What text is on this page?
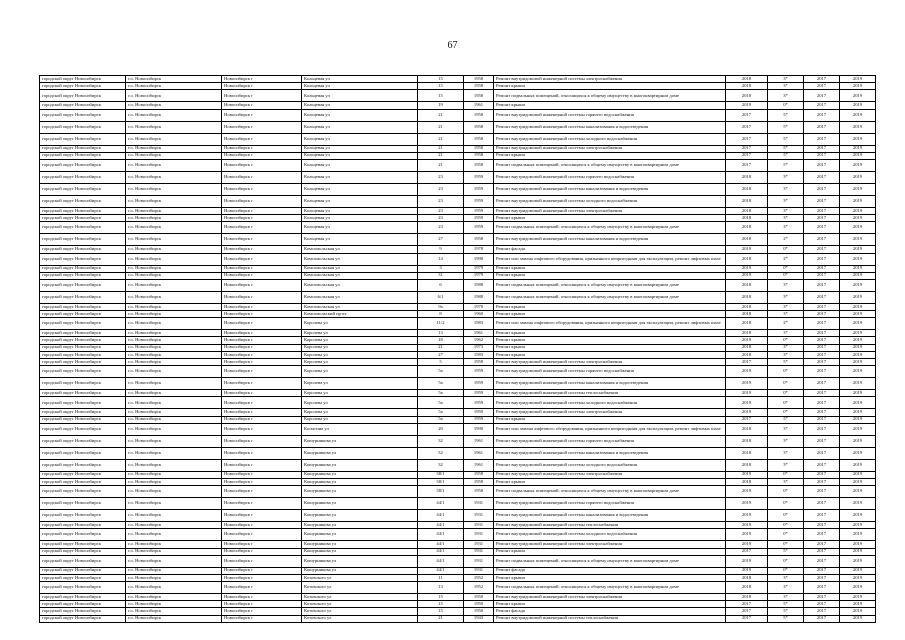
67
городской округ Новосибирск	г.о. Новосибирск	Новосибирск г	Кольцевая ул	15	1958	Ремонт внутридомовой инженерной системы электроснабжения	2018	3*	2017	2019
городской округ Новосибирск	г.о. Новосибирск	Новосибирск г	Кольцевая ул	15	1958	Ремонт крыши	2018	3*	2017	2019
городской округ Новосибирск	г.о. Новосибирск	Новосибирск г	Кольцевая ул	15	1958	Ремонт подвальных помещений, относящихся к общему имуществу в многоквартирном доме	2018	3*	2017	2019
городской округ Новосибирск	г.о. Новосибирск	Новосибирск г	Кольцевая ул	19	1961	Ремонт крыши	2019	0*	2017	2019
городской округ Новосибирск	г.о. Новосибирск	Новосибирск г	Кольцевая ул	21	1958	Ремонт внутридомовой инженерной системы горячего водоснабжения	2017	5*	2017	2019
городской округ Новосибирск	г.о. Новосибирск	Новосибирск г	Кольцевая ул	21	1958	Ремонт внутридомовой инженерной системы канализования и водоотведения	2017	5*	2017	2019
городской округ Новосибирск	г.о. Новосибирск	Новосибирск г	Кольцевая ул	21	1958	Ремонт внутридомовой инженерной системы холодного водоснабжения	2017	5*	2017	2019
городской округ Новосибирск	г.о. Новосибирск	Новосибирск г	Кольцевая ул	21	1958	Ремонт внутридомовой инженерной системы электроснабжения	2017	5*	2017	2019
городской округ Новосибирск	г.о. Новосибирск	Новосибирск г	Кольцевая ул	21	1958	Ремонт крыши	2017	5*	2017	2019
городской округ Новосибирск	г.о. Новосибирск	Новосибирск г	Кольцевая ул	21	1958	Ремонт подвальных помещений, относящихся к общему имуществу в многоквартирном доме	2017	5*	2017	2019
городской округ Новосибирск	г.о. Новосибирск	Новосибирск г	Кольцевая ул	23	1959	Ремонт внутридомовой инженерной системы горячего водоснабжения	2018	3*	2017	2019
городской округ Новосибирск	г.о. Новосибирск	Новосибирск г	Кольцевая ул	23	1959	Ремонт внутридомовой инженерной системы канализования и водоотведения	2018	3*	2017	2019
городской округ Новосибирск	г.о. Новосибирск	Новосибирск г	Кольцевая ул	23	1959	Ремонт внутридомовой инженерной системы холодного водоснабжения	2018	3*	2017	2019
городской округ Новосибирск	г.о. Новосибирск	Новосибирск г	Кольцевая ул	23	1959	Ремонт внутридомовой инженерной системы электроснабжения	2018	3*	2017	2019
городской округ Новосибирск	г.о. Новосибирск	Новосибирск г	Кольцевая ул	23	1959	Ремонт крыши	2018	3*	2017	2019
городской округ Новосибирск	г.о. Новосибирск	Новосибирск г	Кольцевая ул	23	1959	Ремонт подвальных помещений, относящихся к общему имуществу в многоквартирном доме	2018	3*	2017	2019
городской округ Новосибирск	г.о. Новосибирск	Новосибирск г	Кольцевая ул	27	1958	Ремонт внутридомовой инженерной системы канализования и водоотведения	2018	2*	2017	2019
городской округ Новосибирск	г.о. Новосибирск	Новосибирск г	Комсомольская ул	9	1978	Ремонт фасада	2019	0*	2017	2019
городской округ Новосибирск	г.о. Новосибирск	Новосибирск г	Комсомольская ул	14	1990	Ремонт или замена лифтового оборудования, признанного непригодным для эксплуатации, ремонт лифтовых шахт	2018	2*	2017	2019
городской округ Новосибирск	г.о. Новосибирск	Новосибирск г	Комсомольская ул	3	1979	Ремонт крыши	2019	0*	2017	2019
городской округ Новосибирск	г.о. Новосибирск	Новосибирск г	Комсомольская ул	31	1979	Ремонт крыши	2019	0*	2017	2019
городской округ Новосибирск	г.о. Новосибирск	Новосибирск г	Комсомольская ул	6	1988	Ремонт подвальных помещений, относящихся к общему имуществу в многоквартирном доме	2018	3*	2017	2019
городской округ Новосибирск	г.о. Новосибирск	Новосибирск г	Комсомольская ул	6/1	1988	Ремонт подвальных помещений, относящихся к общему имуществу в многоквартирном доме	2018	3*	2017	2019
городской округ Новосибирск	г.о. Новосибирск	Новосибирск г	Комсомольская ул	9а	1970	Ремонт крыши	2018	3*	2017	2019
городской округ Новосибирск	г.о. Новосибирск	Новосибирск г	Комсомольский пр-кт	8	1960	Ремонт крыши	2018	3*	2017	2019
городской округ Новосибирск	г.о. Новосибирск	Новосибирск г	Королева ул	11/2	1983	Ремонт или замена лифтового оборудования, признанного непригодным для эксплуатации, ремонт лифтовых шахт	2018	2*	2017	2019
городской округ Новосибирск	г.о. Новосибирск	Новосибирск г	Королева ул	13	1961	Ремонт крыши	2018	3*	2017	2019
городской округ Новосибирск	г.о. Новосибирск	Новосибирск г	Королева ул	18	1962	Ремонт крыши	2019	0*	2017	2019
городской округ Новосибирск	г.о. Новосибирск	Новосибирск г	Королева ул	21	1973	Ремонт крыши	2018	3*	2017	2019
городской округ Новосибирск	г.о. Новосибирск	Новосибирск г	Королева ул	27	1983	Ремонт крыши	2018	3*	2017	2019
городской округ Новосибирск	г.о. Новосибирск	Новосибирск г	Королева ул	5	1958	Ремонт внутридомовой инженерной системы электроснабжения	2017	5*	2017	2019
городской округ Новосибирск	г.о. Новосибирск	Новосибирск г	Королева ул	5а	1959	Ремонт внутридомовой инженерной системы горячего водоснабжения	2019	0*	2017	2019
городской округ Новосибирск	г.о. Новосибирск	Новосибирск г	Королева ул	5а	1959	Ремонт внутридомовой инженерной системы канализования и водоотведения	2019	0*	2017	2019
городской округ Новосибирск	г.о. Новосибирск	Новосибирск г	Королева ул	5а	1959	Ремонт внутридомовой инженерной системы теплоснабжения	2019	0*	2017	2019
городской округ Новосибирск	г.о. Новосибирск	Новосибирск г	Королева ул	5а	1959	Ремонт внутридомовой инженерной системы холодного водоснабжения	2019	0*	2017	2019
городской округ Новосибирск	г.о. Новосибирск	Новосибирск г	Королева ул	5а	1959	Ремонт внутридомовой инженерной системы электроснабжения	2019	0*	2017	2019
городской округ Новосибирск	г.о. Новосибирск	Новосибирск г	Королева ул	5а	1959	Ремонт крыши	2017	5*	2017	2019
городской округ Новосибирск	г.о. Новосибирск	Новосибирск г	Косыгина ул	20	1990	Ремонт или замена лифтового оборудования, признанного непригодным для эксплуатации, ремонт лифтовых шахт	2018	3*	2017	2019
городской округ Новосибирск	г.о. Новосибирск	Новосибирск г	Кошурникова ул	32	1961	Ремонт внутридомовой инженерной системы горячего водоснабжения	2018	3*	2017	2019
городской округ Новосибирск	г.о. Новосибирск	Новосибирск г	Кошурникова ул	32	1961	Ремонт внутридомовой инженерной системы канализования и водоотведения	2018	3*	2017	2019
городской округ Новосибирск	г.о. Новосибирск	Новосибирск г	Кошурникова ул	32	1961	Ремонт внутридомовой инженерной системы холодного водоснабжения	2018	3*	2017	2019
городской округ Новосибирск	г.о. Новосибирск	Новосибирск г	Кошурникова ул	38/1	1958	Ремонт внутридомовой инженерной системы электроснабжения	2019	0*	2017	2019
городской округ Новосибирск	г.о. Новосибирск	Новосибирск г	Кошурникова ул	38/1	1958	Ремонт крыши	2018	3*	2017	2019
городской округ Новосибирск	г.о. Новосибирск	Новосибирск г	Кошурникова ул	38/1	1958	Ремонт подвальных помещений, относящихся к общему имуществу в многоквартирном доме	2019	0*	2017	2019
городской округ Новосибирск	г.о. Новосибирск	Новосибирск г	Кошурникова ул	44/1	1931	Ремонт внутридомовой инженерной системы горячего водоснабжения	2019	0*	2017	2019
городской округ Новосибирск	г.о. Новосибирск	Новосибирск г	Кошурникова ул	44/1	1931	Ремонт внутридомовой инженерной системы канализования и водоотведения	2019	0*	2017	2019
городской округ Новосибирск	г.о. Новосибирск	Новосибирск г	Кошурникова ул	44/1	1931	Ремонт внутридомовой инженерной системы теплоснабжения	2019	0*	2017	2019
городской округ Новосибирск	г.о. Новосибирск	Новосибирск г	Кошурникова ул	44/1	1931	Ремонт внутридомовой инженерной системы холодного водоснабжения	2019	0*	2017	2019
городской округ Новосибирск	г.о. Новосибирск	Новосибирск г	Кошурникова ул	44/1	1931	Ремонт внутридомовой инженерной системы электроснабжения	2019	0*	2017	2019
городской округ Новосибирск	г.о. Новосибирск	Новосибирск г	Кошурникова ул	44/1	1931	Ремонт крыши	2017	5*	2017	2019
городской округ Новосибирск	г.о. Новосибирск	Новосибирск г	Кошурникова ул	44/1	1931	Ремонт подвальных помещений, относящихся к общему имуществу в многоквартирном доме	2019	0*	2017	2019
городской округ Новосибирск	г.о. Новосибирск	Новосибирск г	Кошурникова ул	44/1	1931	Ремонт фасада	2019	0*	2017	2019
городской округ Новосибирск	г.о. Новосибирск	Новосибирск г	Котовского ул	11	1952	Ремонт крыши	2018	3*	2017	2019
городской округ Новосибирск	г.о. Новосибирск	Новосибирск г	Котовского ул	13	1952	Ремонт подвальных помещений, относящихся к общему имуществу в многоквартирном доме	2018	3*	2017	2019
городской округ Новосибирск	г.о. Новосибирск	Новосибирск г	Котовского ул	15	1950	Ремонт внутридомовой инженерной системы электроснабжения	2018	3*	2017	2019
городской округ Новосибирск	г.о. Новосибирск	Новосибирск г	Котовского ул	15	1950	Ремонт крыши	2017	5*	2017	2019
городской округ Новосибирск	г.о. Новосибирск	Новосибирск г	Котовского ул	15	1950	Ремонт фасада	2017	5*	2017	2019
городской округ Новосибирск	г.о. Новосибирск	Новосибирск г	Котовского ул	21	1943	Ремонт внутридомовой инженерной системы теплоснабжения	2017	5*	2017	2019
